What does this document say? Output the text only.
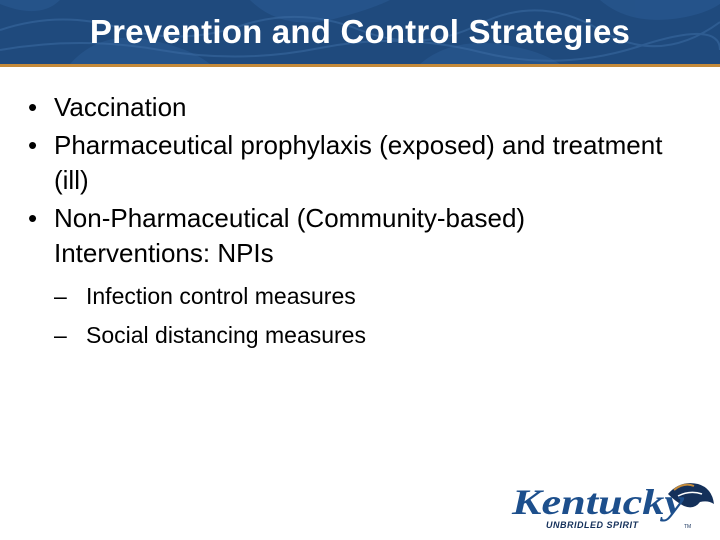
Prevention and Control Strategies
• Vaccination
• Pharmaceutical prophylaxis (exposed) and treatment (ill)
• Non-Pharmaceutical (Community-based) Interventions: NPIs
– Infection control measures
– Social distancing measures
Kentucky
UNBRIDLED SPIRIT	TM
